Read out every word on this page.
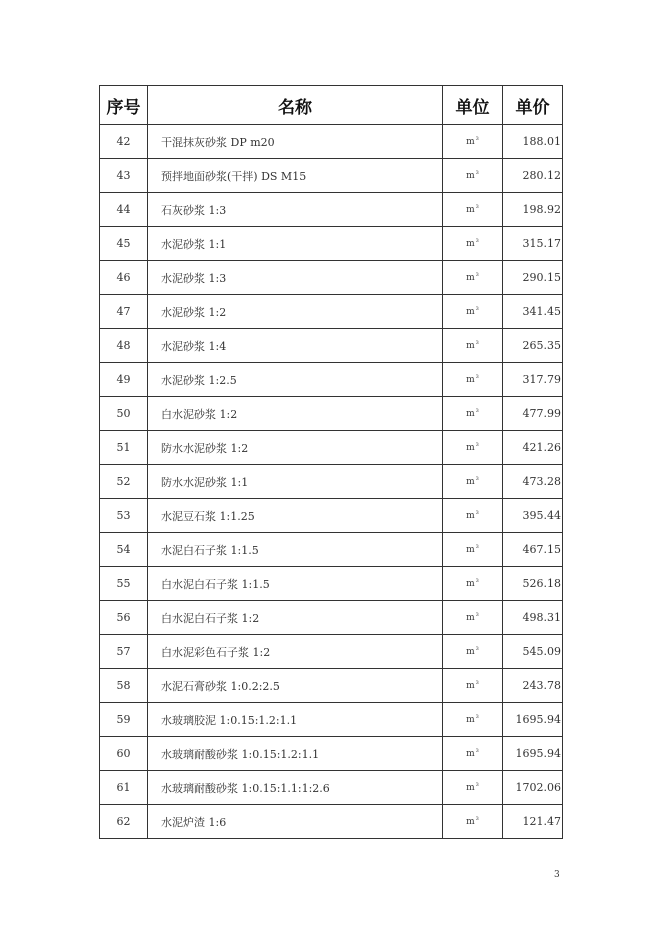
序号	名称	单位	单价
42	干混抹灰砂浆 DP m20	$m^3$	188.01
43	预拌地面砂浆(干拌) DS M15	$m^3$	280.12
44	石灰砂浆 1:3	$m^3$	198.92
45	水泥砂浆 1:1	$m^3$	315.17
46	水泥砂浆 1:3	$m^3$	290.15
47	水泥砂浆 1:2	$m^3$	341.45
48	水泥砂浆 1:4	$m^3$	265.35
49	水泥砂浆 1:2.5	$m^3$	317.79
50	白水泥砂浆 1:2	$m^3$	477.99
51	防水水泥砂浆 1:2	$m^3$	421.26
52	防水水泥砂浆 1:1	$m^3$	473.28
53	水泥豆石浆 1:1.25	$m^3$	395.44
54	水泥白石子浆 1:1.5	$m^3$	467.15
55	白水泥白石子浆 1:1.5	$m^3$	526.18
56	白水泥白石子浆 1:2	$m^3$	498.31
57	白水泥彩色石子浆 1:2	$m^3$	545.09
58	水泥石膏砂浆 1:0.2:2.5	$m^3$	243.78
59	水玻璃胶泥 1:0.15:1.2:1.1	$m^3$	1695.94
60	水玻璃耐酸砂浆 1:0.15:1.2:1.1	$m^3$	1695.94
61	水玻璃耐酸砂浆 1:0.15:1.1:1:2.6	$m^3$	1702.06
62	水泥炉渣 1:6	$m^3$	121.47
3
